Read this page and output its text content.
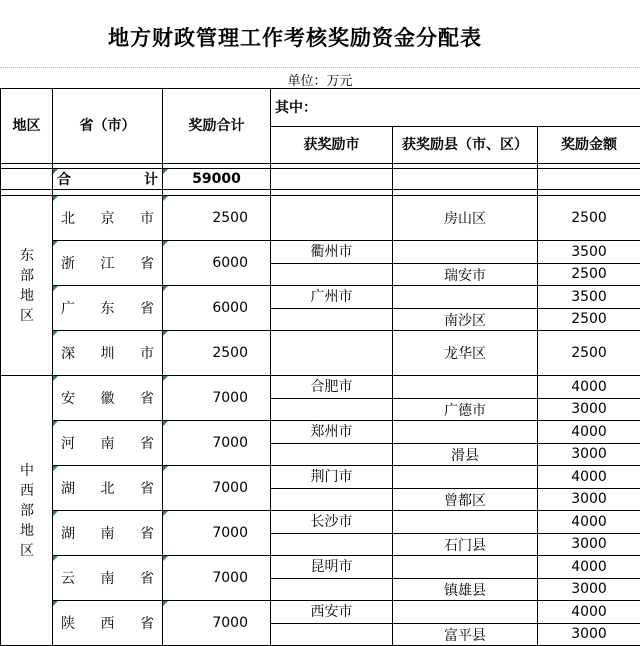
地方财政管理工作考核奖励资金分配表
单位：万元
地区	省（市）	奖励合计	其中：		
			获奖励市	获奖励县（市、区）	奖励金额

	合 计	59000			

东部地区	北 京 市	2500		房山区	2500

	浙 江 省	6000	衢州市		3500
				瑞安市	2500

	广 东 省	6000	广州市		3500
				南沙区	2500

	深 圳 市	2500		龙华区	2500

中西部地区	安 徽 省	7000	合肥市		4000
				广德市	3000

	河 南 省	7000	郑州市		4000
				滑县	3000

	湖 北 省	7000	荆门市		4000
				曾都区	3000

	湖 南 省	7000	长沙市		4000
				石门县	3000

	云 南 省	7000	昆明市		4000
				镇雄县	3000

	陕 西 省	7000	西安市		4000
				富平县	3000
